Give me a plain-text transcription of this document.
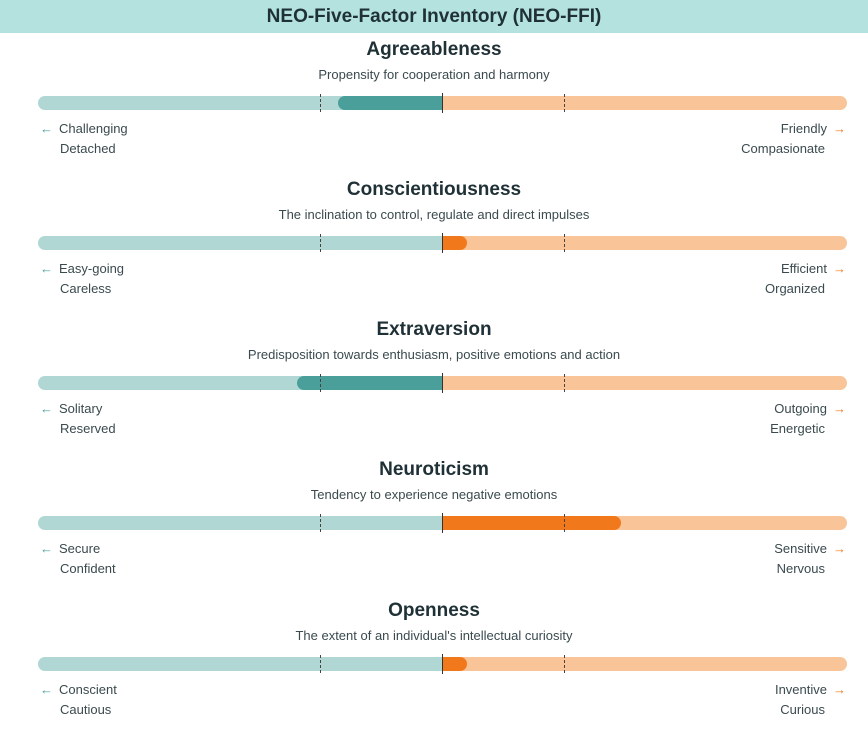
NEO-Five-Factor Inventory (NEO-FFI)
Agreeableness
Propensity for cooperation and harmony
← Challenging
Detached
Friendly →
Compasionate
Conscientiousness
The inclination to control, regulate and direct impulses
← Easy-going
Careless
Efficient →
Organized
Extraversion
Predisposition towards enthusiasm, positive emotions and action
← Solitary
Reserved
Outgoing →
Energetic
Neuroticism
Tendency to experience negative emotions
← Secure
Confident
Sensitive →
Nervous
Openness
The extent of an individual's intellectual curiosity
← Conscient
Cautious
Inventive →
Curious
